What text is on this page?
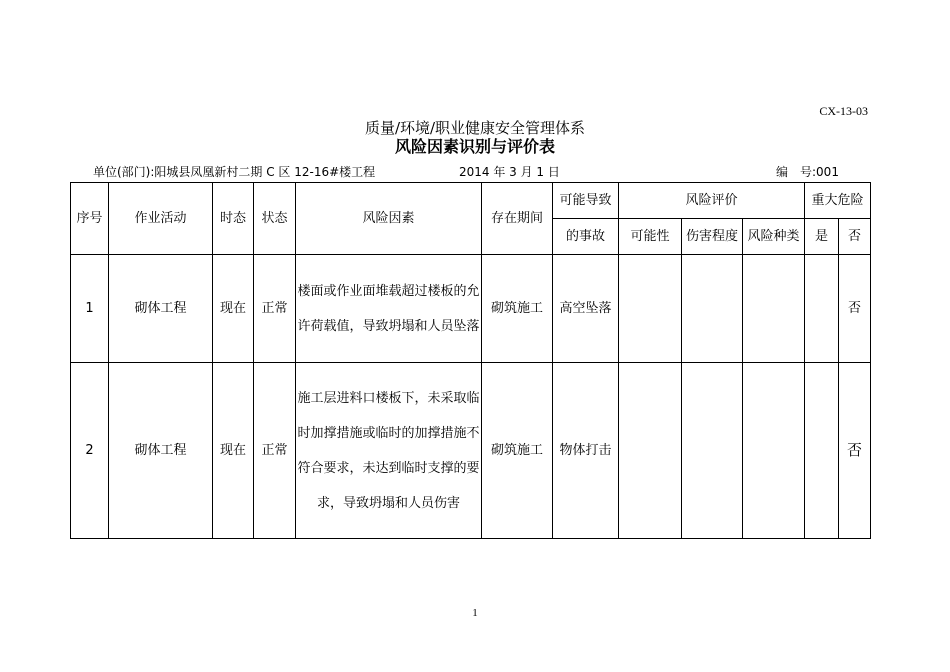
CX-13-03
质量/环境/职业健康安全管理体系
风险因素识别与评价表
单位(部门):阳城县凤凰新村二期 C 区 12-16#楼工程	2014 年 3 月 1 日	编　号:001
序号	作业活动	时态	状态	风险因素	存在期间	可能导致	风险评价			重大危险	
						的事故	可能性	伤害程度	风险种类	是	否
1	砌体工程	现在	正常	楼面或作业面堆载超过楼板的允许荷载值，导致坍塌和人员坠落	砌筑施工	高空坠落					否
2	砌体工程	现在	正常	施工层进料口楼板下，未采取临时加撑措施或临时的加撑措施不符合要求，未达到临时支撑的要求，导致坍塌和人员伤害	砌筑施工	物体打击					否
1
